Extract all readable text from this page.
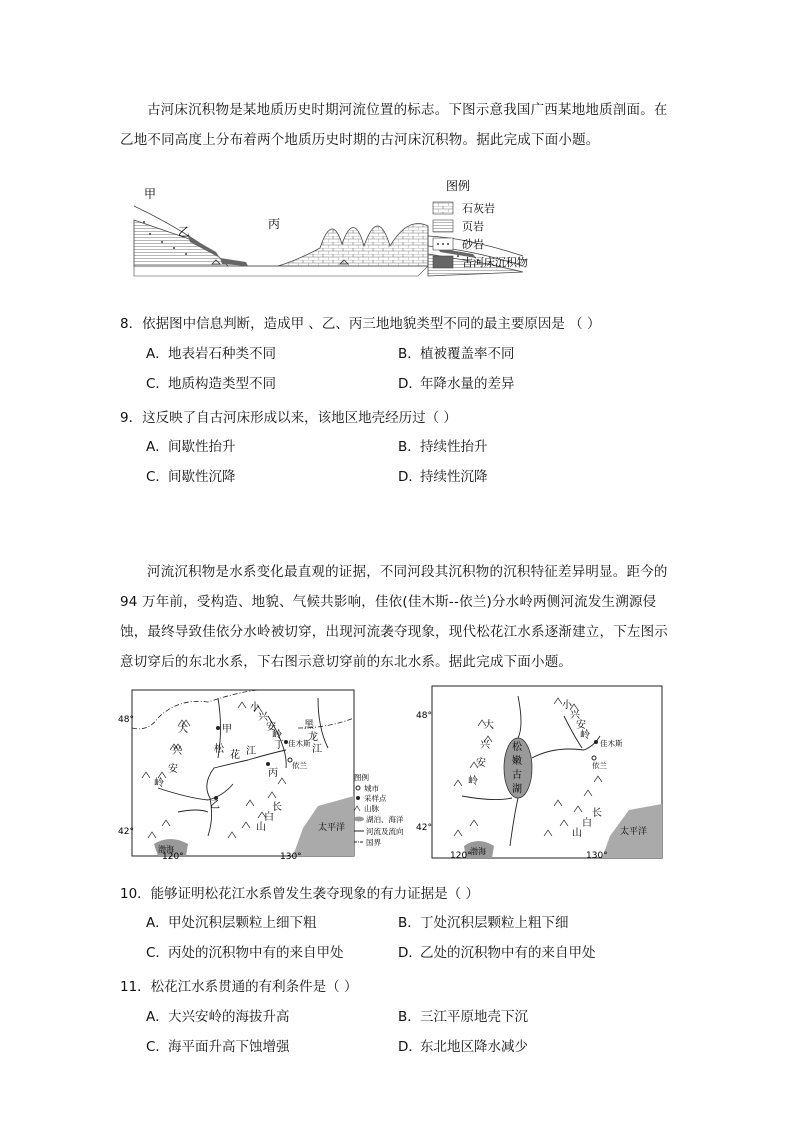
古河床沉积物是某地质历史时期河流位置的标志。下图示意我国广西某地地质剖面。在乙地不同高度上分布着两个地质历史时期的古河床沉积物。据此完成下面小题。

甲
乙
丙
图例
石灰岩
页岩
砂岩
古河床沉积物
8．依据图中信息判断，造成甲 、乙、丙三地地貌类型不同的最主要原因是 （ ）
A．地表岩石种类不同	B．植被覆盖率不同
C．地质构造类型不同	D．年降水量的差异
9．这反映了自古河床形成以来，该地区地壳经历过（ ）
A．间歇性抬升	B．持续性抬升
C．间歇性沉降	D．持续性沉降

河流沉积物是水系变化最直观的证据，不同河段其沉积物的沉积特征差异明显。距今的94 万年前，受构造、地貌、气候共影响，佳依(佳木斯--依兰)分水岭两侧河流发生溯源侵蚀，最终导致佳依分水岭被切穿，出现河流袭夺现象，现代松花江水系逐渐建立，下左图示意切穿后的东北水系，下右图示意切穿前的东北水系。据此完成下面小题。

48°
42°
120°	130°
大
兴
安
岭
小
兴
安
岭
长
白
山
松
花 江
黑
龙
江
甲
丁
乙
丙
佳木斯
依兰
太平洋
渤海
图例
城市
采样点
山脉
湖泊、海洋
河流及流向
国界
48°
42°
120°	130°
松
嫩
古
湖
大
兴
安
岭
小
兴
安
岭
长
白
山
佳木斯
依兰
太平洋
渤海
10．能够证明松花江水系曾发生袭夺现象的有力证据是（ ）
A．甲处沉积层颗粒上细下粗	B．丁处沉积层颗粒上粗下细
C．丙处的沉积物中有的来自甲处	D．乙处的沉积物中有的来自甲处
11．松花江水系贯通的有利条件是（ ）
A．大兴安岭的海拔升高	B．三江平原地壳下沉
C．海平面升高下蚀增强	D．东北地区降水减少
